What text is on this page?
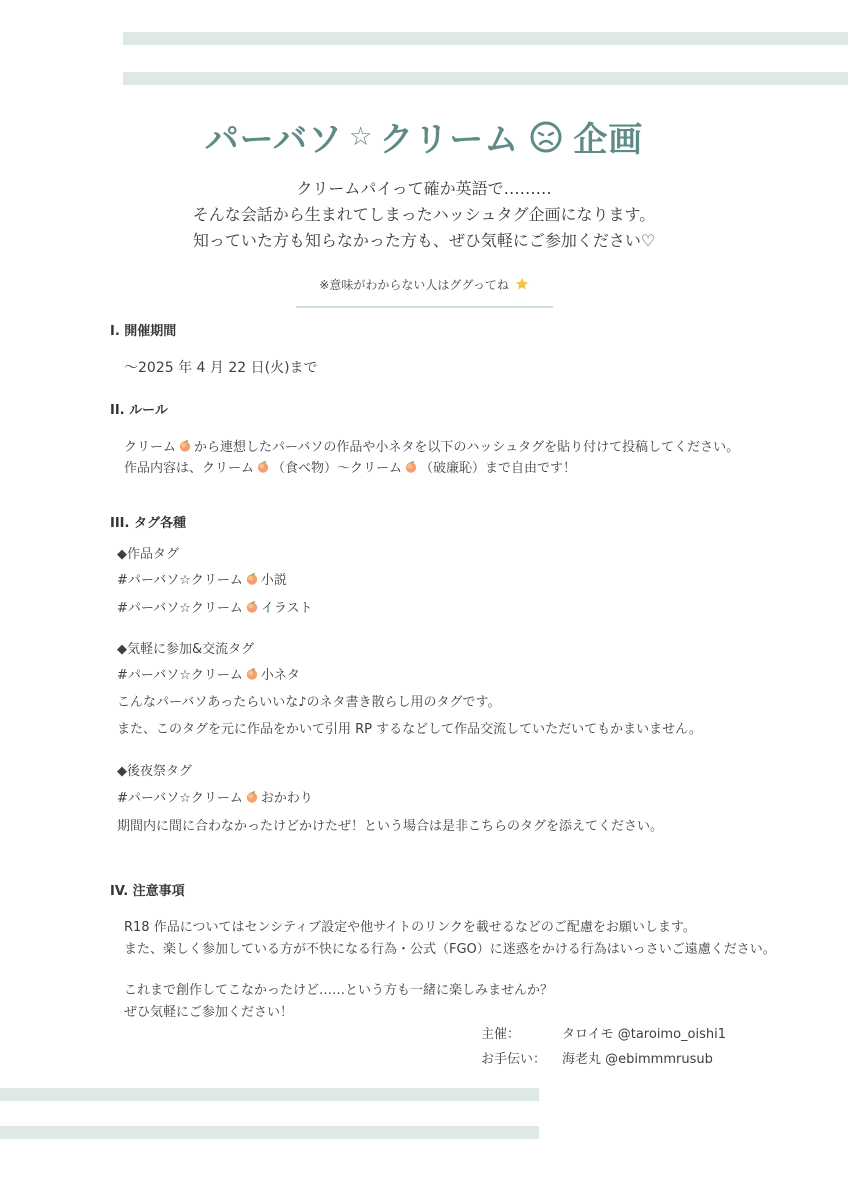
パーバソ ☆ クリーム 企画
クリームパイって確か英語で………
そんな会話から生まれてしまったハッシュタグ企画になります。
知っていた方も知らなかった方も、ぜひ気軽にご参加ください♡
※意味がわからない人はググってね
I. 開催期間
～2025 年 4 月 22 日(火)まで
II. ルール
クリーム から連想したパーバソの作品や小ネタを以下のハッシュタグを貼り付けて投稿してください。
作品内容は、クリーム （食べ物）～クリーム （破廉恥）まで自由です！
III. タグ各種
◆作品タグ
#パーバソ☆クリーム 小説
#パーバソ☆クリーム イラスト
◆気軽に参加&交流タグ
#パーバソ☆クリーム 小ネタ
こんなパーバソあったらいいな♪のネタ書き散らし用のタグです。
また、このタグを元に作品をかいて引用 RP するなどして作品交流していただいてもかまいません。
◆後夜祭タグ
#パーバソ☆クリーム おかわり
期間内に間に合わなかったけどかけたぜ！という場合は是非こちらのタグを添えてください。
IV. 注意事項
R18 作品についてはセンシティブ設定や他サイトのリンクを載せるなどのご配慮をお願いします。
また、楽しく参加している方が不快になる行為・公式（FGO）に迷惑をかける行為はいっさいご遠慮ください。
これまで創作してこなかったけど……という方も一緒に楽しみませんか？
ぜひ気軽にご参加ください！
主催：	タロイモ @taroimo_oishi1
お手伝い： 海老丸 @ebimmmrusub
